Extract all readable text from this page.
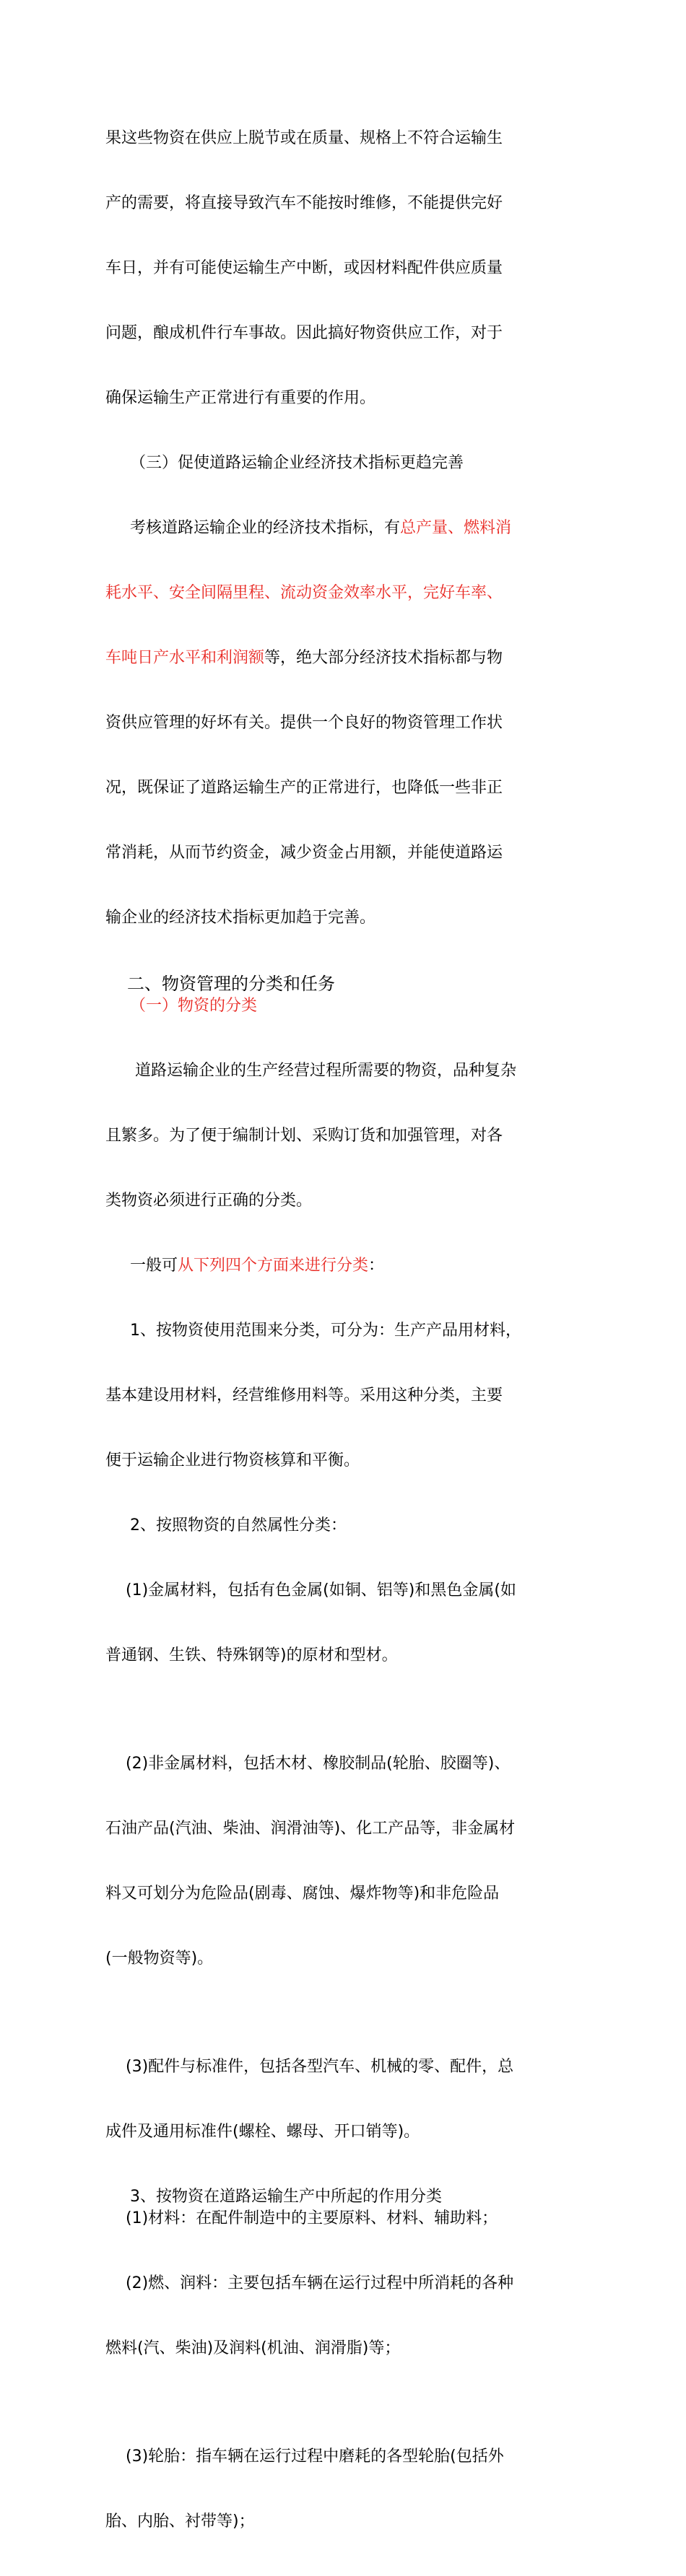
果这些物资在供应上脱节或在质量、规格上不符合运输生

产的需要，将直接导致汽车不能按时维修，不能提供完好

车日，并有可能使运输生产中断，或因材料配件供应质量

问题，酿成机件行车事故。因此搞好物资供应工作，对于

确保运输生产正常进行有重要的作用。

（三）促使道路运输企业经济技术指标更趋完善

考核道路运输企业的经济技术指标，有总产量、燃料消

耗水平、安全间隔里程、流动资金效率水平，完好车率、

车吨日产水平和利润额等，绝大部分经济技术指标都与物

资供应管理的好坏有关。提供一个良好的物资管理工作状

况，既保证了道路运输生产的正常进行，也降低一些非正

常消耗，从而节约资金，减少资金占用额，并能使道路运

输企业的经济技术指标更加趋于完善。

二、物资管理的分类和任务
（一）物资的分类

道路运输企业的生产经营过程所需要的物资，品种复杂

且繁多。为了便于编制计划、采购订货和加强管理，对各

类物资必须进行正确的分类。

一般可从下列四个方面来进行分类：

1、按物资使用范围来分类，可分为：生产产品用材料，

基本建设用材料，经营维修用料等。采用这种分类，主要

便于运输企业进行物资核算和平衡。

2、按照物资的自然属性分类：

(1)金属材料，包括有色金属(如铜、铝等)和黑色金属(如

普通钢、生铁、特殊钢等)的原材和型材。

(2)非金属材料，包括木材、橡胶制品(轮胎、胶圈等)、

石油产品(汽油、柴油、润滑油等)、化工产品等，非金属材

料又可划分为危险品(剧毒、腐蚀、爆炸物等)和非危险品

(一般物资等)。

(3)配件与标准件，包括各型汽车、机械的零、配件，总

成件及通用标准件(螺栓、螺母、开口销等)。

3、按物资在道路运输生产中所起的作用分类
(1)材料：在配件制造中的主要原料、材料、辅助料；

(2)燃、润料：主要包括车辆在运行过程中所消耗的各种

燃料(汽、柴油)及润料(机油、润滑脂)等；

(3)轮胎：指车辆在运行过程中磨耗的各型轮胎(包括外

胎、内胎、衬带等)；
